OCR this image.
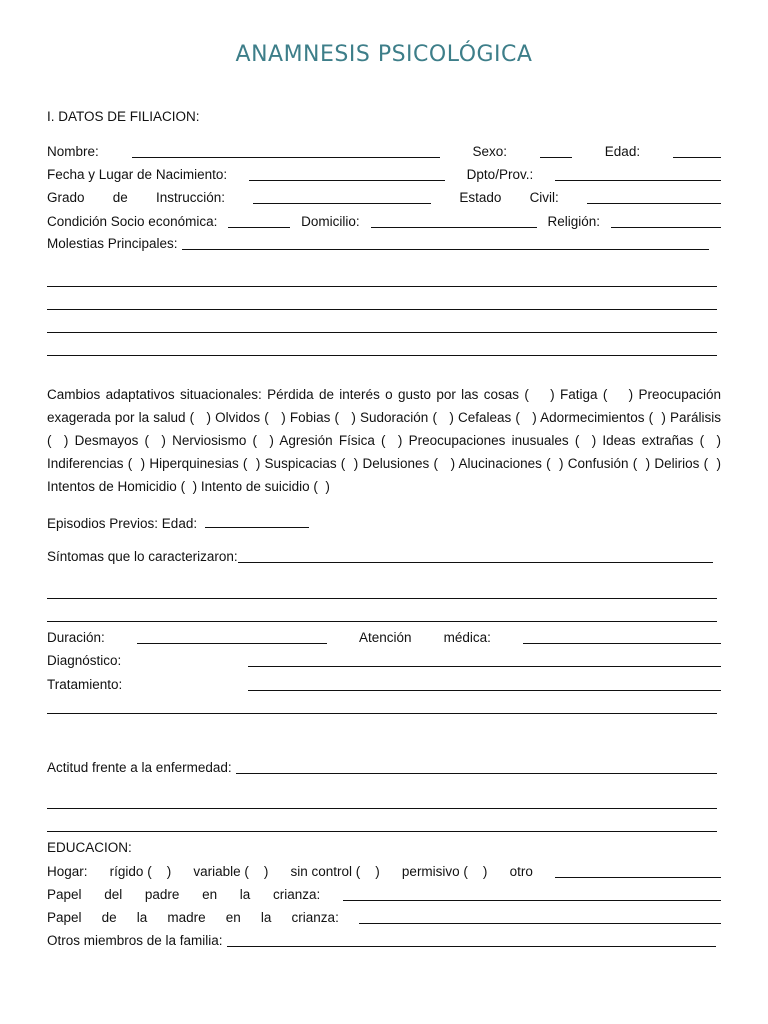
ANAMNESIS PSICOLÓGICA
I. DATOS DE FILIACION:
Nombre:	Sexo:	Edad:
Fecha y Lugar de Nacimiento:	Dpto/Prov.:
Grado de Instrucción:	Estado Civil:
Condición Socio económica:	Domicilio:	Religión:
Molestias Principales:
Cambios adaptativos situacionales: Pérdida de interés o gusto por las cosas (    ) Fatiga (    ) Preocupación exagerada por la salud (   ) Olvidos (   ) Fobias (   ) Sudoración (   ) Cefaleas (   ) Adormecimientos (  ) Parálisis (  ) Desmayos (  ) Nerviosismo (  ) Agresión Física (  ) Preocupaciones inusuales (  ) Ideas extrañas (  ) Indiferencias (  ) Hiperquinesias (  ) Suspicacias (  ) Delusiones (   ) Alucinaciones (  ) Confusión (  ) Delirios (  ) Intentos de Homicidio (  ) Intento de suicidio (  )
Episodios Previos: Edad:
Síntomas que lo caracterizaron:
Duración:	Atención médica:
Diagnóstico:
Tratamiento:
Actitud frente a la enfermedad:
EDUCACION:
Hogar: rígido (    ) variable (    ) sin control (    ) permisivo (    ) otro
Papel del padre en la crianza:
Papel de la madre en la crianza:
Otros miembros de la familia:
